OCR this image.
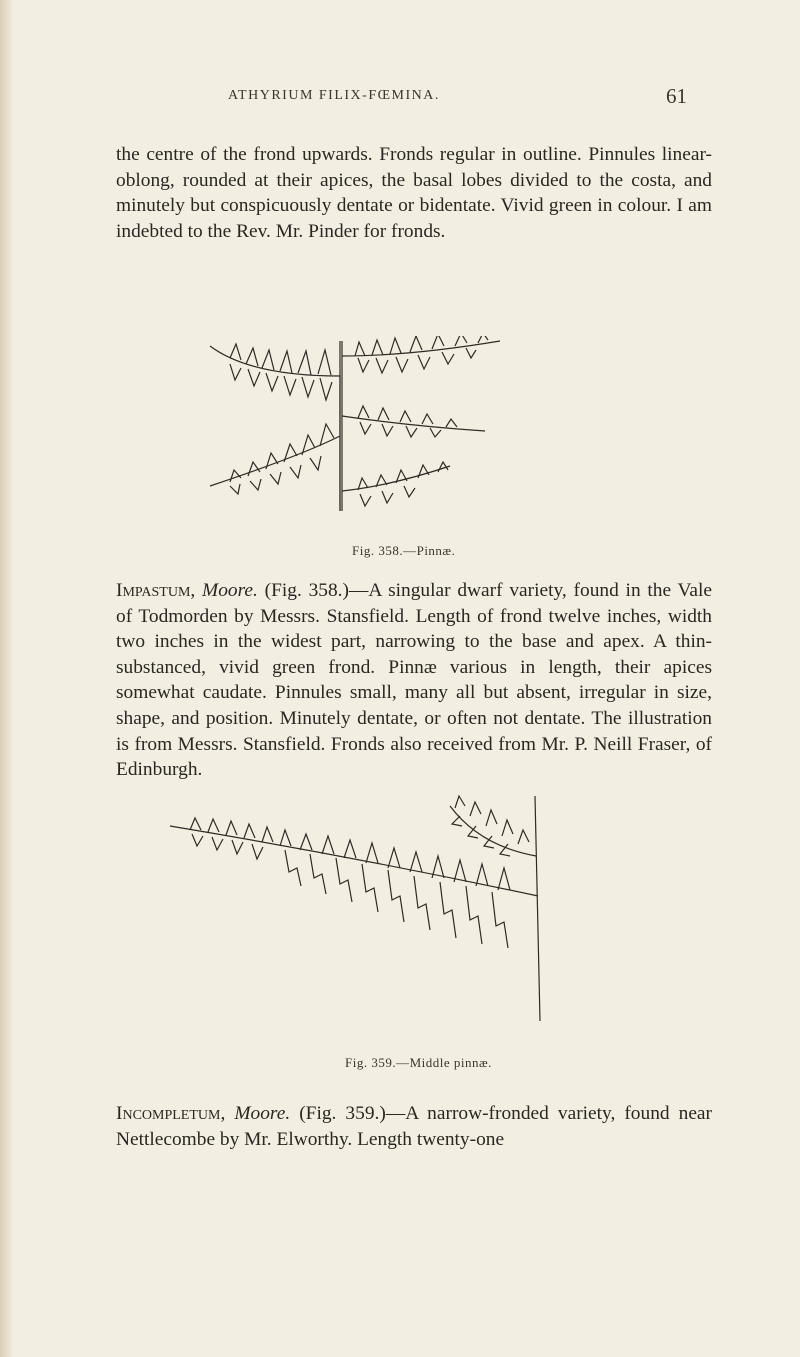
ATHYRIUM FILIX-FŒMINA.	61

the centre of the frond upwards. Fronds regular in outline. Pinnules linear-oblong, rounded at their apices, the basal lobes divided to the costa, and minutely but conspicuously dentate or bidentate. Vivid green in colour. I am indebted to the Rev. Mr. Pinder for fronds.

Fig. 358.—Pinnæ.

Impastum, Moore. (Fig. 358.)—A singular dwarf variety, found in the Vale of Todmorden by Messrs. Stansfield. Length of frond twelve inches, width two inches in the widest part, narrowing to the base and apex. A thin-substanced, vivid green frond. Pinnæ various in length, their apices somewhat caudate. Pinnules small, many all but absent, irregular in size, shape, and position. Minutely dentate, or often not dentate. The illustration is from Messrs. Stansfield. Fronds also received from Mr. P. Neill Fraser, of Edinburgh.

Fig. 359.—Middle pinnæ.

Incompletum, Moore. (Fig. 359.)—A narrow-fronded variety, found near Nettlecombe by Mr. Elworthy. Length twenty-one
